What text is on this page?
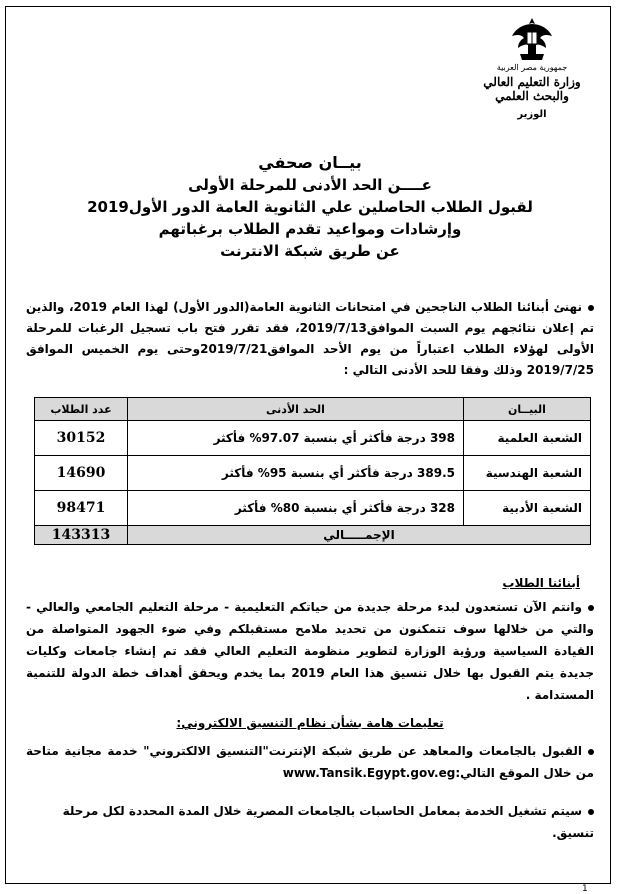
جمهورية مصر العربية
وزارة التعليم العالي والبحث العلمي
الوزير
بيــان صحفي
عــــن الحد الأدنى للمرحلة الأولى
لقبول الطلاب الحاصلين علي الثانوية العامة الدور الأول2019
وإرشادات ومواعيد تقدم الطلاب برغباتهم
عن طريق شبكة الانترنت
نهنئ أبنائنا الطلاب الناجحين في امتحانات الثانوية العامة(الدور الأول) لهذا العام 2019، والذين تم إعلان نتائجهم يوم السبت الموافق2019/7/13، فقد تقرر فتح باب تسجيل الرغبات للمرحلة الأولى لهؤلاء الطلاب اعتباراً من يوم الأحد الموافق2019/7/21وحتى يوم الخميس الموافق 2019/7/25 وذلك وفقا للحد الأدنى التالي :
البيــان	الحد الأدنى	عدد الطلاب
الشعبة العلمية	398 درجة فأكثر أي بنسبة 97.07% فأكثر	30152
الشعبة الهندسية	389.5 درجة فأكثر أي بنسبة 95% فأكثر	14690
الشعبة الأدبية	328 درجة فأكثر أي بنسبة 80% فأكثر	98471
الإجمـــــالي		143313
أبنائنا الطلاب
وانتم الآن تستعدون لبدء مرحلة جديدة من حياتكم التعليمية - مرحلة التعليم الجامعي والعالي - والتي من خلالها سوف تتمكنون من تحديد ملامح مستقبلكم وفي ضوء الجهود المتواصلة من القيادة السياسية ورؤية الوزارة لتطوير منظومة التعليم العالي فقد تم إنشاء جامعات وكليات جديدة يتم القبول بها خلال تنسيق هذا العام 2019 بما يخدم ويحقق أهداف خطة الدولة للتنمية المستدامة .
تعليمات هامة بشأن نظام التنسيق الالكتروني:
القبول بالجامعات والمعاهد عن طريق شبكة الإنترنت"التنسيق الالكتروني" خدمة مجانية متاحة من خلال الموقع التالي:www.Tansik.Egypt.gov.eg
سيتم تشغيل الخدمة بمعامل الحاسبات بالجامعات المصرية خلال المدة المحددة لكل مرحلة تنسيق.
1
